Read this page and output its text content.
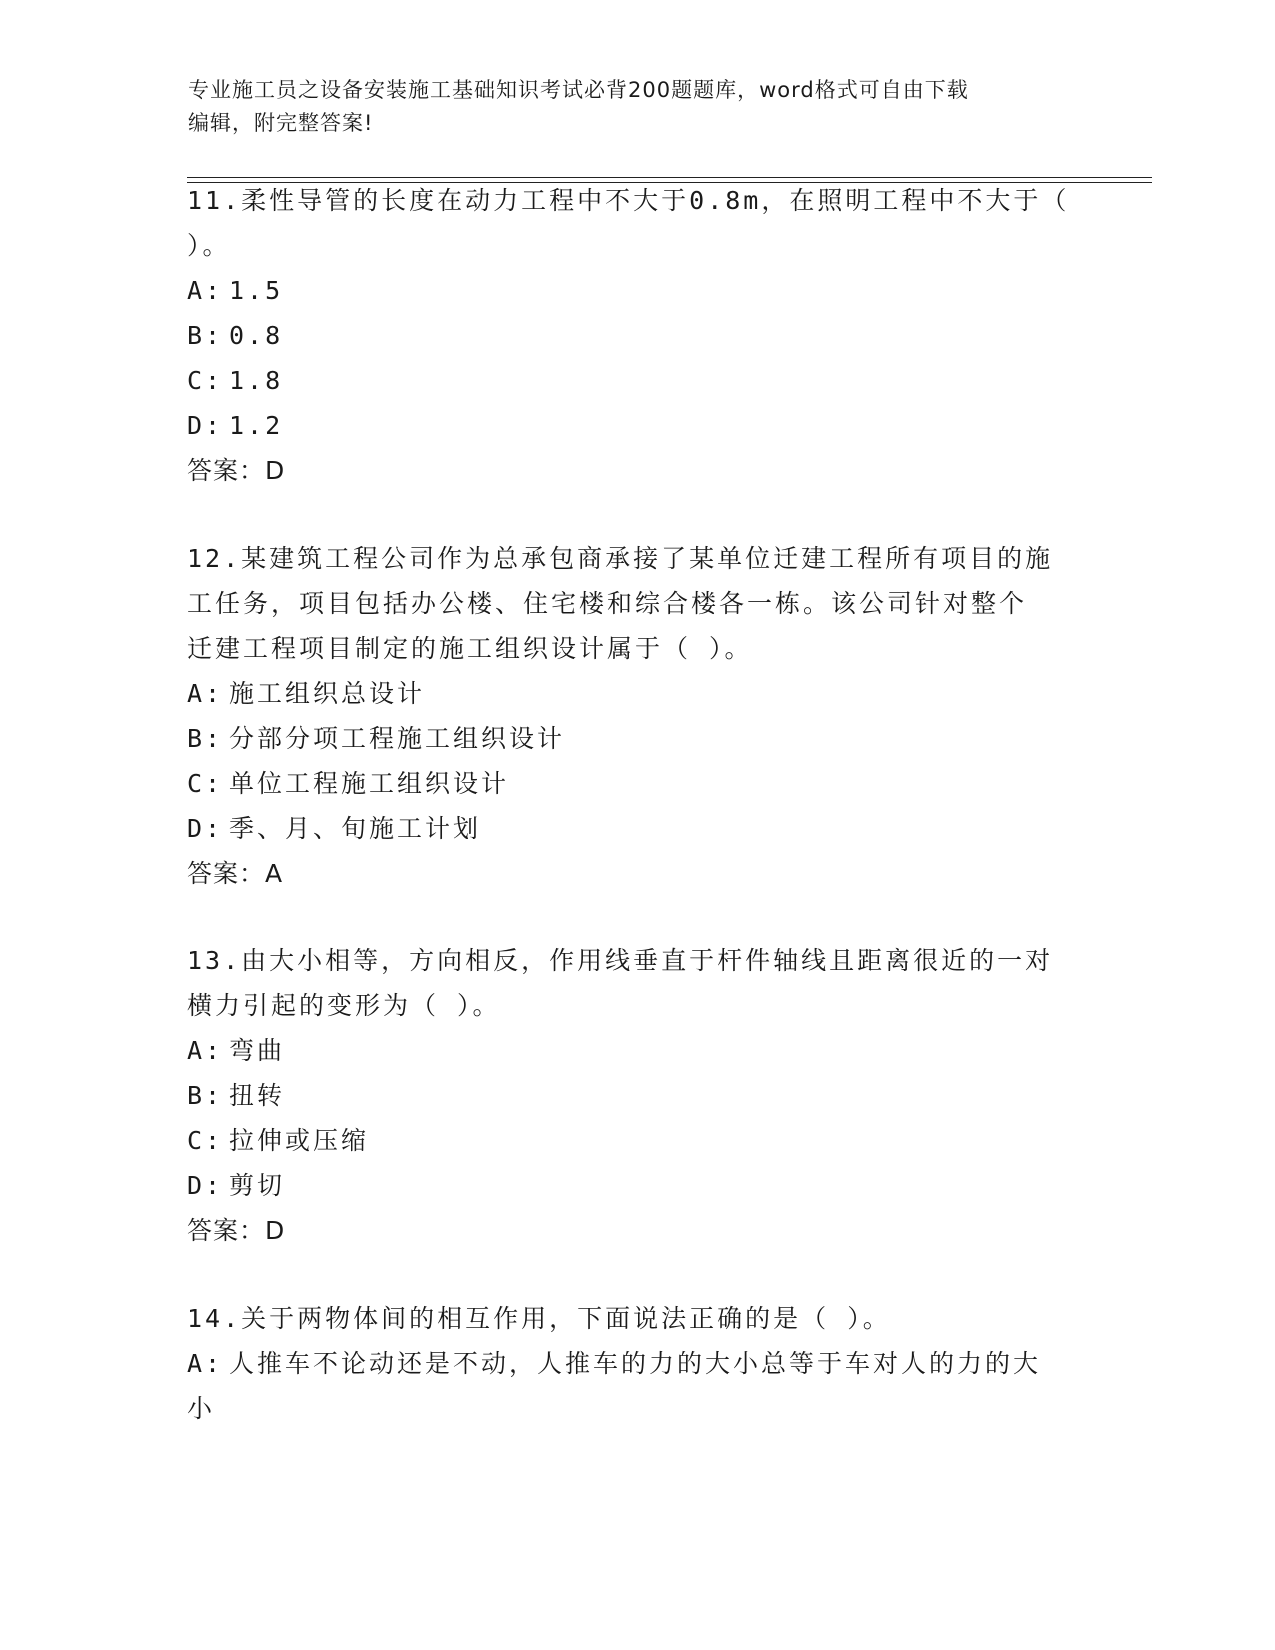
专业施工员之设备安装施工基础知识考试必背200题题库，word格式可自由下载
编辑，附完整答案!
11.柔性导管的长度在动力工程中不大于0.8m，在照明工程中不大于（
）。
A: 1.5
B: 0.8
C: 1.8
D: 1.2
答案：D
12.某建筑工程公司作为总承包商承接了某单位迁建工程所有项目的施
工任务，项目包括办公楼、住宅楼和综合楼各一栋。该公司针对整个
迁建工程项目制定的施工组织设计属于（ ）。
A: 施工组织总设计
B: 分部分项工程施工组织设计
C: 单位工程施工组织设计
D: 季、月、旬施工计划
答案：A
13.由大小相等，方向相反，作用线垂直于杆件轴线且距离很近的一对
横力引起的变形为（ ）。
A: 弯曲
B: 扭转
C: 拉伸或压缩
D: 剪切
答案：D
14.关于两物体间的相互作用，下面说法正确的是（ ）。
A: 人推车不论动还是不动，人推车的力的大小总等于车对人的力的大
小
